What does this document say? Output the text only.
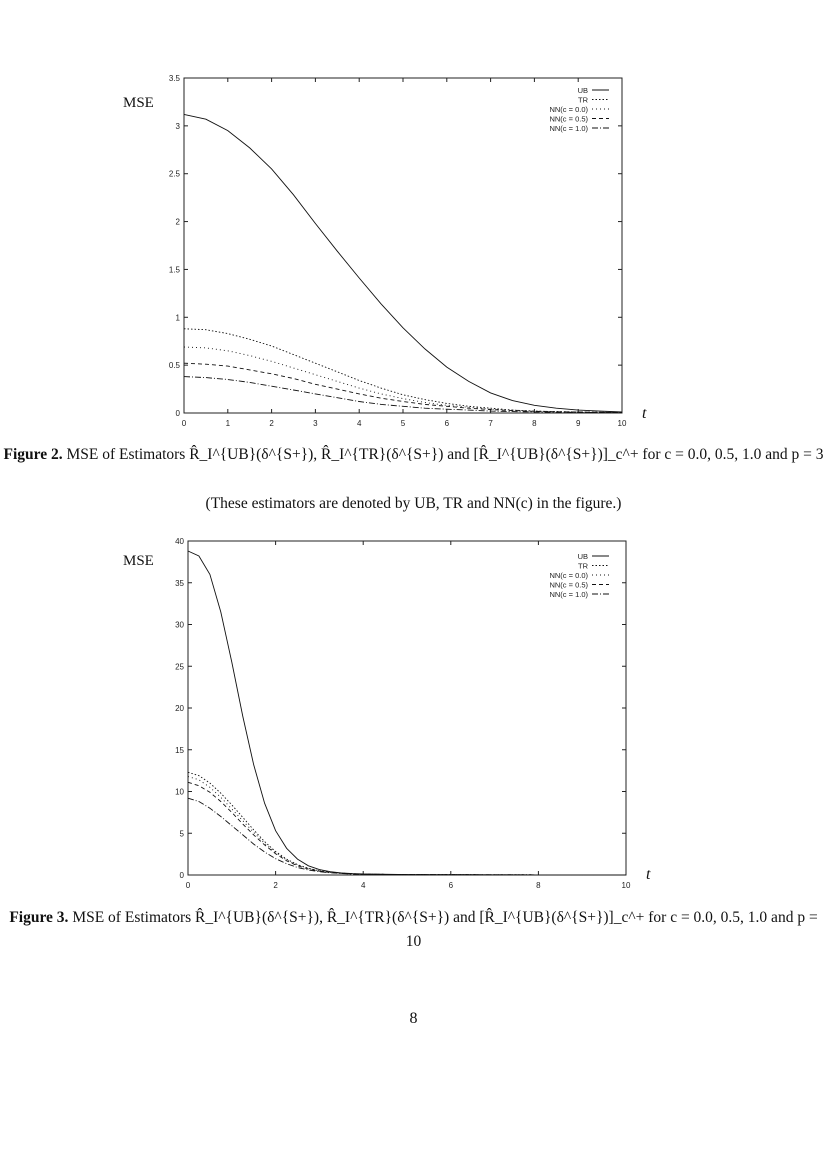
MSE
t
0	1	2	3	4	5	6	7	8	9	10
0
0.5
1
1.5
2
2.5
3
3.5
UB
TR
NN(c = 0.0)
NN(c = 0.5)
NN(c = 1.0)
Figure 2. MSE of Estimators R̂_I^{UB}(δ^{S+}), R̂_I^{TR}(δ^{S+}) and [R̂_I^{UB}(δ^{S+})]_c^+ for c = 0.0, 0.5, 1.0 and p = 3
(These estimators are denoted by UB, TR and NN(c) in the figure.)
MSE
t
0	2	4	6	8	10
0
5
10
15
20
25
30
35
40
UB
TR
NN(c = 0.0)
NN(c = 0.5)
NN(c = 1.0)
Figure 3. MSE of Estimators R̂_I^{UB}(δ^{S+}), R̂_I^{TR}(δ^{S+}) and [R̂_I^{UB}(δ^{S+})]_c^+ for c = 0.0, 0.5, 1.0 and p = 10
8
